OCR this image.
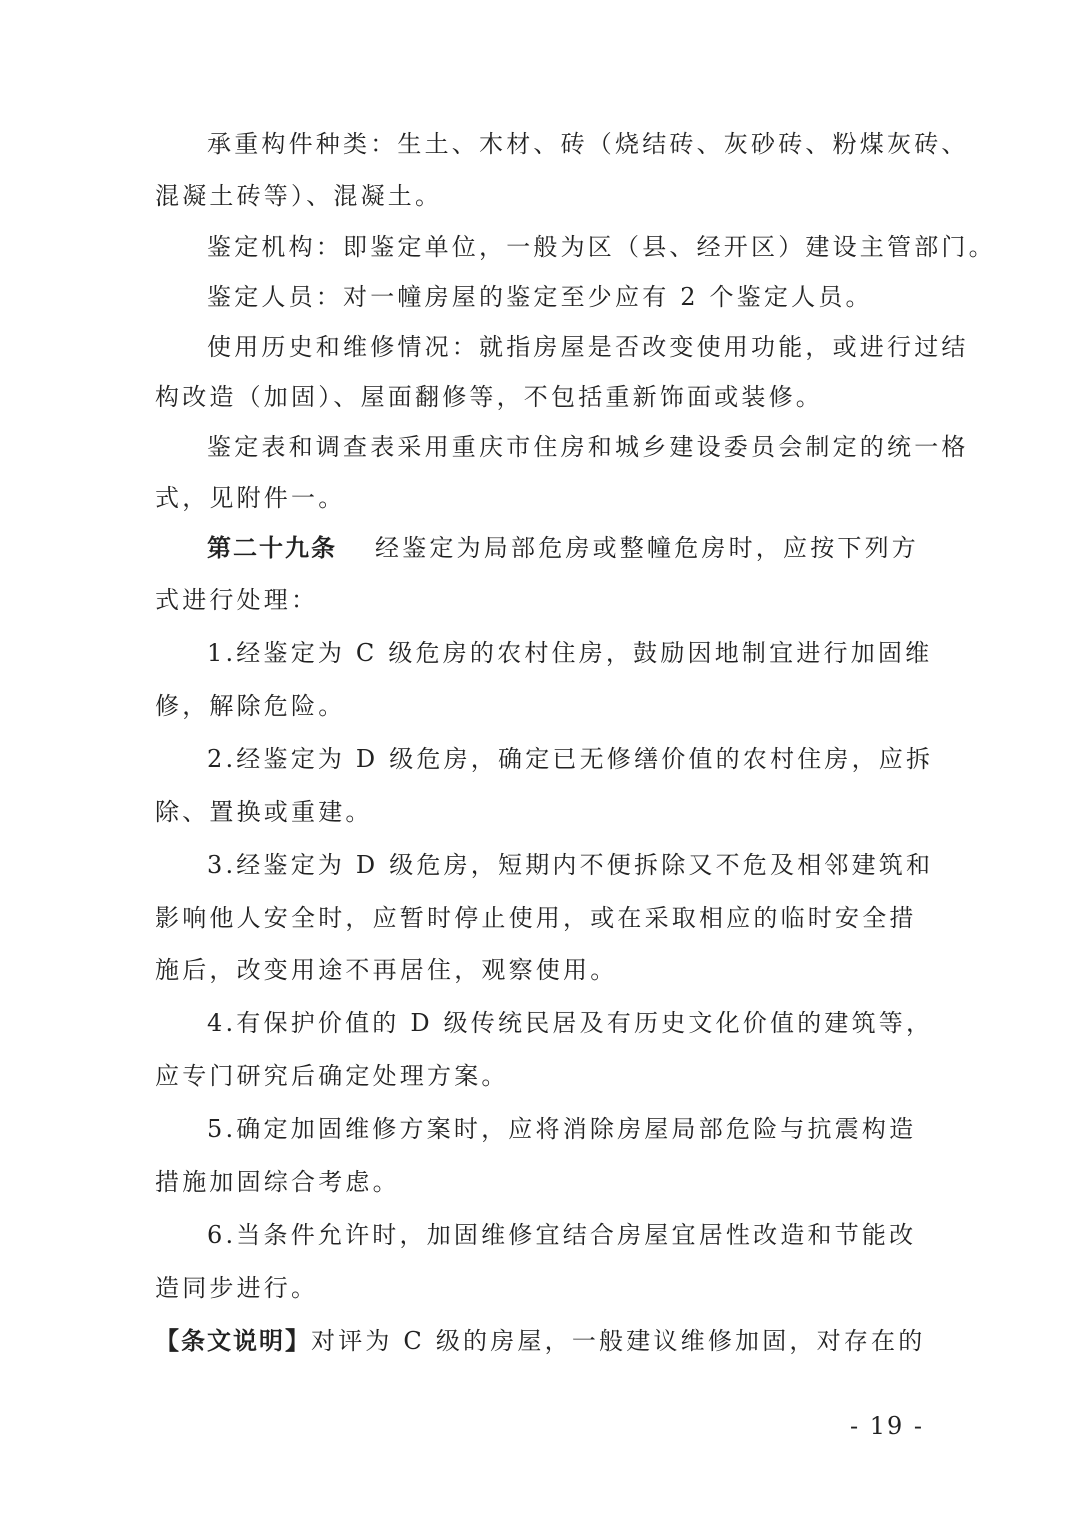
承重构件种类：生土、木材、砖（烧结砖、灰砂砖、粉煤灰砖、
混凝土砖等）、混凝土。
鉴定机构：即鉴定单位，一般为区（县、经开区）建设主管部门。
鉴定人员：对一幢房屋的鉴定至少应有 2 个鉴定人员。
使用历史和维修情况：就指房屋是否改变使用功能，或进行过结
构改造（加固）、屋面翻修等，不包括重新饰面或装修。
鉴定表和调查表采用重庆市住房和城乡建设委员会制定的统一格
式，见附件一。
第二十九条 经鉴定为局部危房或整幢危房时，应按下列方
式进行处理：
1.经鉴定为 C 级危房的农村住房，鼓励因地制宜进行加固维
修，解除危险。
2.经鉴定为 D 级危房，确定已无修缮价值的农村住房，应拆
除、置换或重建。
3.经鉴定为 D 级危房，短期内不便拆除又不危及相邻建筑和
影响他人安全时，应暂时停止使用，或在采取相应的临时安全措
施后，改变用途不再居住，观察使用。
4.有保护价值的 D 级传统民居及有历史文化价值的建筑等，
应专门研究后确定处理方案。
5.确定加固维修方案时，应将消除房屋局部危险与抗震构造
措施加固综合考虑。
6.当条件允许时，加固维修宜结合房屋宜居性改造和节能改
造同步进行。
【条文说明】对评为 C 级的房屋，一般建议维修加固，对存在的
- 19 -
